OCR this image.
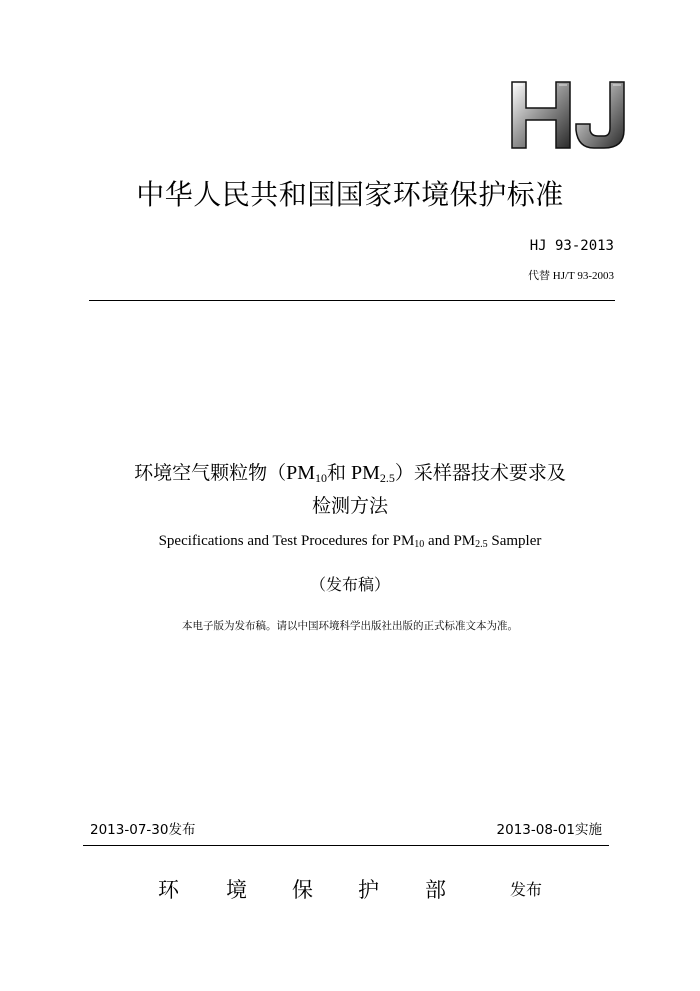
中华人民共和国国家环境保护标准
HJ 93-2013
代替 HJ/T 93-2003
环境空气颗粒物（$PM_{10}$和 $PM_{2.5}$）采样器技术要求及
检测方法
Specifications and Test Procedures for $PM_{10}$ and $PM_{2.5}$ Sampler
（发布稿）
本电子版为发布稿。请以中国环境科学出版社出版的正式标准文本为准。
2013-07-30发布	2013-08-01实施
环 境 保 护 部	发布
